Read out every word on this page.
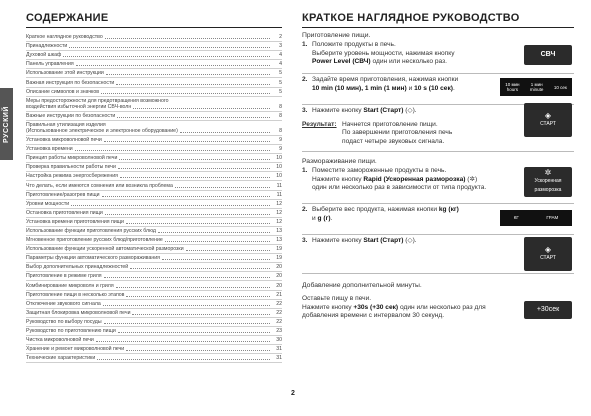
РУССКИЙ
СОДЕРЖАНИЕ
Краткое наглядное руководство	2
Принадлежности	3
Духовой шкаф	4
Панель управления	4
Использование этой инструкции	5
Важная инструкция по безопасности	5
Описание символов и значков	5
Меры предосторожности для предотвращения возможного
воздействия избыточной энергии СВЧ-волн	8
Важные инструкции по безопасности	8
Правильная утилизация изделия
(Использованное электрическое и электронное оборудование)	8
Установка микроволновой печи	9
Установка времени	9
Принцип работы микроволновой печи	10
Проверка правильности работы печи	10
Настройка режима энергосбережения	10
Что делать, если имеются сомнения или возникла проблема	11
Приготовление/разогрев пищи	11
Уровни мощности	12
Остановка приготовления пищи	12
Установка времени приготовления пищи	12
Использование функции приготовления русских блюд	13
Мгновенное приготовление русских блюд/приготовление	13
Использование функции ускоренной автоматической разморозки	19
Параметры функции автоматического размораживания	19
Выбор дополнительных принадлежностей	20
Приготовление в режиме гриля	20
Комбинирование микроволн и гриля	20
Приготовление пищи в несколько этапов	21
Отключение звукового сигнала	22
Защитная блокировка микроволновой печи	22
Руководство по выбору посуды	22
Руководство по приготовлению пищи	23
Чистка микроволновой печи	30
Хранение и ремонт микроволновой печи	31
Технические характеристики	31
КРАТКОЕ НАГЛЯДНОЕ РУКОВОДСТВО
Приготовление пищи.
1. Положите продукты в печь.
Выберите уровень мощности, нажимая кнопку
Power Level (СВЧ) один или несколько раз.
СВЧ
2. Задайте время приготовления, нажимая кнопки
10 min (10 мин), 1 min (1 мин) и 10 s (10 сек).
10 мин
hours
1 мин
minute 10 сек
3. Нажмите кнопку Start (Старт) (◇).
Результат: Начнется приготовление пищи.
По завершении приготовления печь
подаст четыре звуковых сигнала.
◈
СТАРТ
Размораживание пищи.
1. Поместите замороженные продукты в печь.
Нажмите кнопку Rapid (Ускоренная разморозка) (✲) один или несколько раз в зависимости от типа продукта.
✲
Ускоренная
разморозка
2. Выберите вес продукта, нажимая кнопки kg (кг)
и g (г).	КГ	ГРАМ
3. Нажмите кнопку Start (Старт) (◇).
◈
СТАРТ
Добавление дополнительной минуты.
Оставьте пищу в печи.
Нажмите кнопку +30s (+30 сек) один или несколько раз для добавления времени с интервалом 30 секунд.
+30сек
2
